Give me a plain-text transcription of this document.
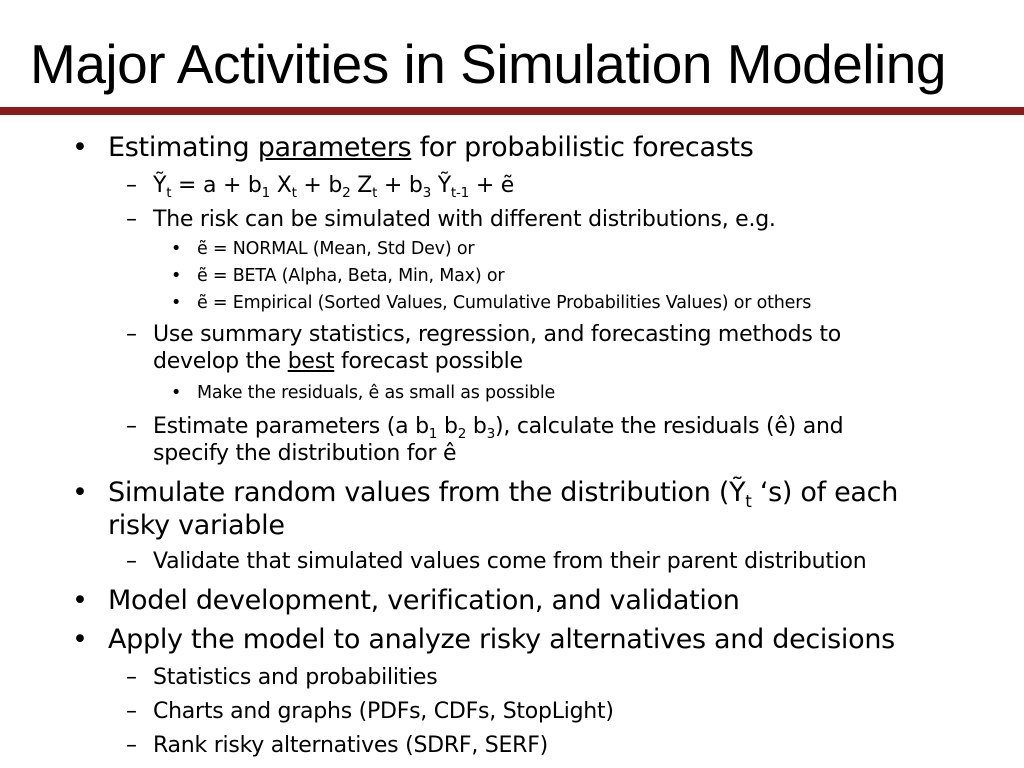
Major Activities in Simulation Modeling
• Estimating parameters for probabilistic forecasts
– Ỹ$_t$ = $a + b_1$ $X_t + b_2$ $Z_t + b_3$ Ỹ$_{t-1}$ + ẽ
– The risk can be simulated with different distributions, e.g.
• ẽ = NORMAL (Mean, Std Dev) or
• ẽ = BETA (Alpha, Beta, Min, Max) or
• ẽ = Empirical (Sorted Values, Cumulative Probabilities Values) or others
– Use summary statistics, regression, and forecasting methods to
develop the best forecast possible
• Make the residuals, ê as small as possible
– Estimate parameters (a $b_1$ $b_2$ $b_3$), calculate the residuals (ê) and
specify the distribution for ê
• Simulate random values from the distribution (Ỹ$_t$ ‘s) of each
risky variable
– Validate that simulated values come from their parent distribution
• Model development, verification, and validation
• Apply the model to analyze risky alternatives and decisions
– Statistics and probabilities
– Charts and graphs (PDFs, CDFs, StopLight)
– Rank risky alternatives (SDRF, SERF)
